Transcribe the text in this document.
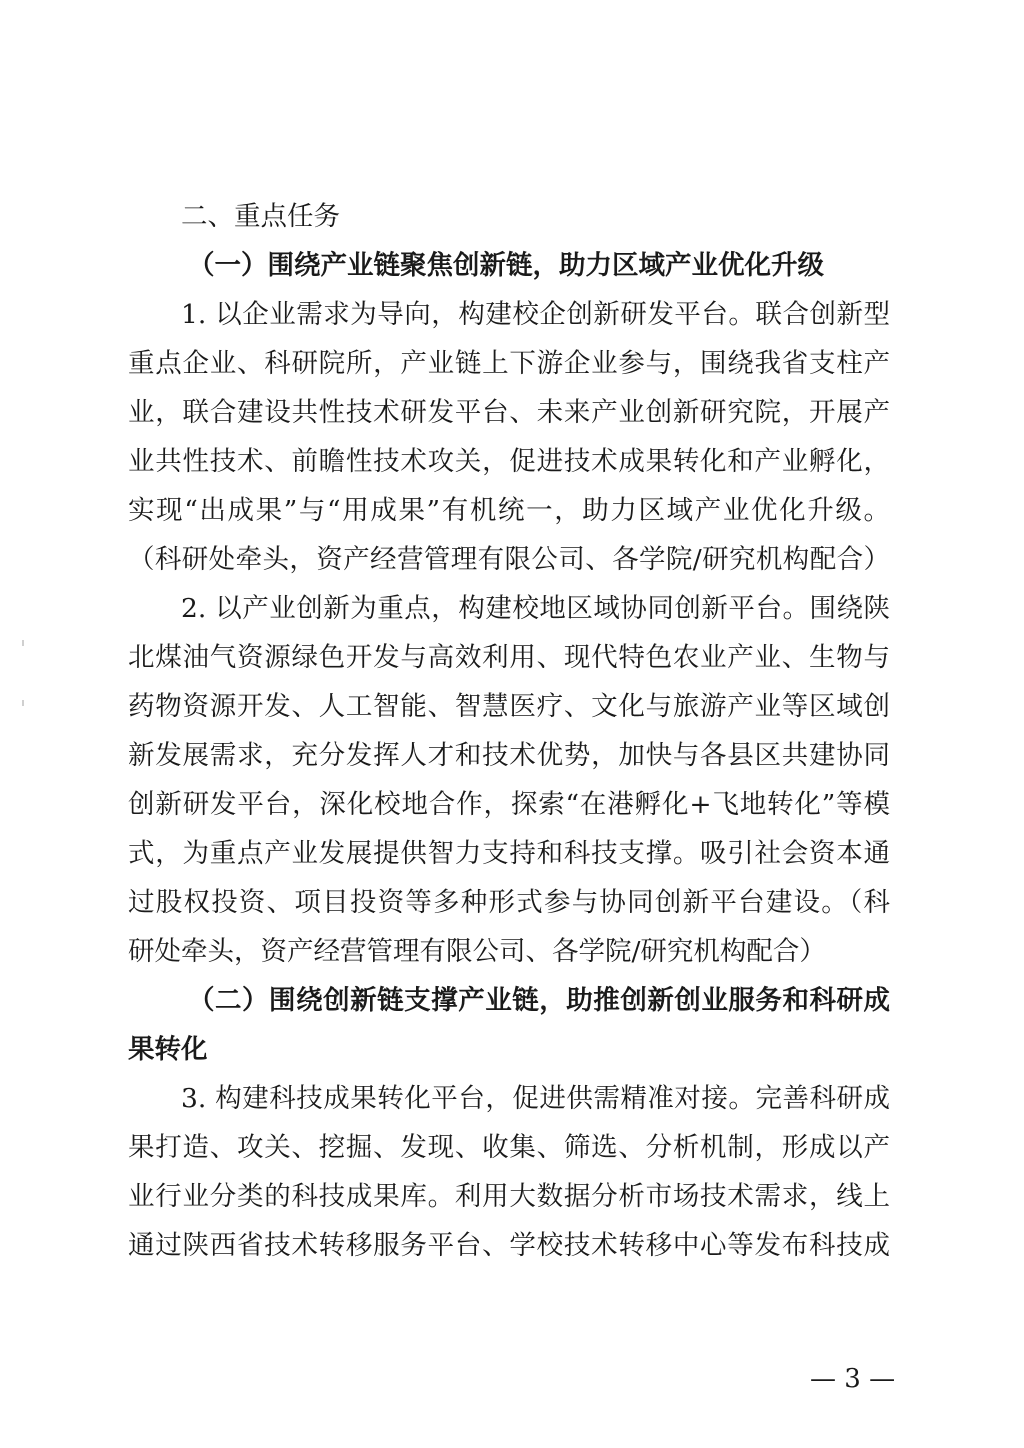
二、重点任务

（一）围绕产业链聚焦创新链，助力区域产业优化升级

1. 以企业需求为导向，构建校企创新研发平台。联合创新型

重点企业、科研院所，产业链上下游企业参与，围绕我省支柱产

业，联合建设共性技术研发平台、未来产业创新研究院，开展产

业共性技术、前瞻性技术攻关，促进技术成果转化和产业孵化，

实现“出成果”与“用成果”有机统一，助力区域产业优化升级。

（科研处牵头，资产经营管理有限公司、各学院/研究机构配合）

2. 以产业创新为重点，构建校地区域协同创新平台。围绕陕

北煤油气资源绿色开发与高效利用、现代特色农业产业、生物与

药物资源开发、人工智能、智慧医疗、文化与旅游产业等区域创

新发展需求，充分发挥人才和技术优势，加快与各县区共建协同

创新研发平台，深化校地合作，探索“在港孵化+飞地转化”等模

式，为重点产业发展提供智力支持和科技支撑。吸引社会资本通

过股权投资、项目投资等多种形式参与协同创新平台建设。（科

研处牵头，资产经营管理有限公司、各学院/研究机构配合）

（二）围绕创新链支撑产业链，助推创新创业服务和科研成

果转化

3. 构建科技成果转化平台，促进供需精准对接。完善科研成

果打造、攻关、挖掘、发现、收集、筛选、分析机制，形成以产

业行业分类的科技成果库。利用大数据分析市场技术需求，线上

通过陕西省技术转移服务平台、学校技术转移中心等发布科技成

— 3 —
